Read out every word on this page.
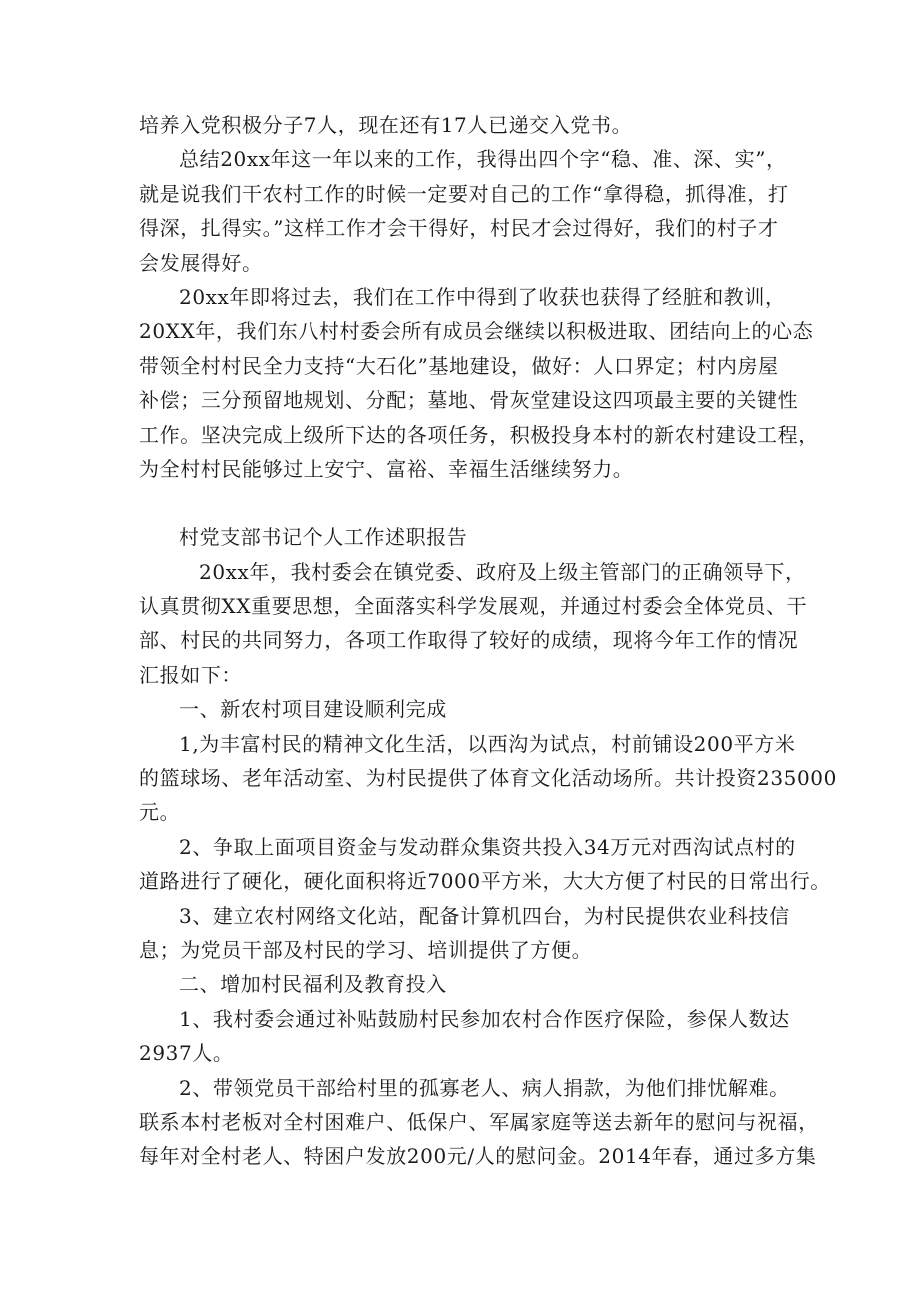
培养入党积极分子7人，现在还有17人已递交入党书。
总结20xx年这一年以来的工作，我得出四个字“稳、准、深、实”，
就是说我们干农村工作的时候一定要对自己的工作“拿得稳，抓得准，打
得深，扎得实。”这样工作才会干得好，村民才会过得好，我们的村子才
会发展得好。
20xx年即将过去，我们在工作中得到了收获也获得了经脏和教训，
20XX年，我们东八村村委会所有成员会继续以积极进取、团结向上的心态
带领全村村民全力支持“大石化”基地建设，做好：人口界定；村内房屋
补偿；三分预留地规划、分配；墓地、骨灰堂建设这四项最主要的关键性
工作。坚决完成上级所下达的各项任务，积极投身本村的新农村建设工程，
为全村村民能够过上安宁、富裕、幸福生活继续努力。
村党支部书记个人工作述职报告
20xx年，我村委会在镇党委、政府及上级主管部门的正确领导下，
认真贯彻XX重要思想，全面落实科学发展观，并通过村委会全体党员、干
部、村民的共同努力，各项工作取得了较好的成绩，现将今年工作的情况
汇报如下：
一、新农村项目建设顺利完成
1,为丰富村民的精神文化生活，以西沟为试点，村前铺设200平方米
的篮球场、老年活动室、为村民提供了体育文化活动场所。共计投资235000
元。
2、争取上面项目资金与发动群众集资共投入34万元对西沟试点村的
道路进行了硬化，硬化面积将近7000平方米，大大方便了村民的日常出行。
3、建立农村网络文化站，配备计算机四台，为村民提供农业科技信
息；为党员干部及村民的学习、培训提供了方便。
二、增加村民福利及教育投入
1、我村委会通过补贴鼓励村民参加农村合作医疗保险，参保人数达
2937人。
2、带领党员干部给村里的孤寡老人、病人捐款，为他们排忧解难。
联系本村老板对全村困难户、低保户、军属家庭等送去新年的慰问与祝福，
每年对全村老人、特困户发放200元/人的慰问金。2014年春，通过多方集
